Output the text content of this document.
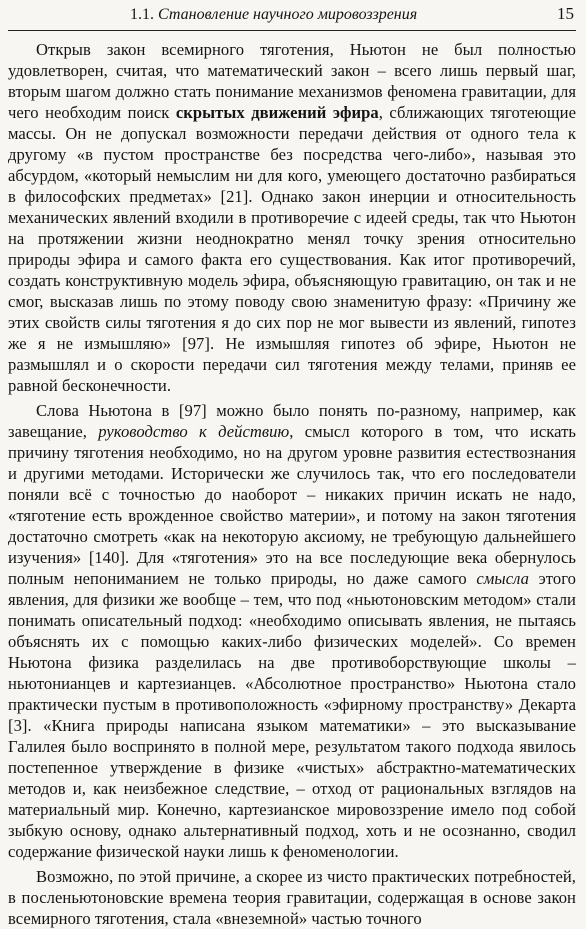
1.1. Становление научного мировоззрения	15

Открыв закон всемирного тяготения, Ньютон не был полностью удовлетворен, считая, что математический закон – всего лишь первый шаг, вторым шагом должно стать понимание механизмов феномена гравитации, для чего необходим поиск скрытых движений эфира, сближающих тяготеющие массы. Он не допускал возможности передачи действия от одного тела к другому «в пустом пространстве без посредства чего-либо», называя это абсурдом, «который немыслим ни для кого, умеющего достаточно разбираться в философских предметах» [21]. Однако закон инерции и относительность механических явлений входили в противоречие с идеей среды, так что Ньютон на протяжении жизни неоднократно менял точку зрения относительно природы эфира и самого факта его существования. Как итог противоречий, создать конструктивную модель эфира, объясняющую гравитацию, он так и не смог, высказав лишь по этому поводу свою знаменитую фразу: «Причину же этих свойств силы тяготения я до сих пор не мог вывести из явлений, гипотез же я не измышляю» [97]. Не измышляя гипотез об эфире, Ньютон не размышлял и о скорости передачи сил тяготения между телами, приняв ее равной бесконечности.

Слова Ньютона в [97] можно было понять по-разному, например, как завещание, руководство к действию, смысл которого в том, что искать причину тяготения необходимо, но на другом уровне развития естествознания и другими методами. Исторически же случилось так, что его последователи поняли всё с точностью до наоборот – никаких причин искать не надо, «тяготение есть врожденное свойство материи», и потому на закон тяготения достаточно смотреть «как на некоторую аксиому, не требующую дальнейшего изучения» [140]. Для «тяготения» это на все последующие века обернулось полным непониманием не только природы, но даже самого смысла этого явления, для физики же вообще – тем, что под «ньютоновским методом» стали понимать описательный подход: «необходимо описывать явления, не пытаясь объяснять их с помощью каких-либо физических моделей». Со времен Ньютона физика разделилась на две противоборствующие школы – ньютонианцев и картезианцев. «Абсолютное пространство» Ньютона стало практически пустым в противоположность «эфирному пространству» Декарта [3]. «Книга природы написана языком математики» – это высказывание Галилея было воспринято в полной мере, результатом такого подхода явилось постепенное утверждение в физике «чистых» абстрактно-математических методов и, как неизбежное следствие, – отход от рациональных взглядов на материальный мир. Конечно, картезианское мировоззрение имело под собой зыбкую основу, однако альтернативный подход, хоть и не осознанно, сводил содержание физической науки лишь к феноменологии.

Возможно, по этой причине, а скорее из чисто практических потребностей, в посленьютоновские времена теория гравитации, содержащая в основе закон всемирного тяготения, стала «внеземной» частью точного
